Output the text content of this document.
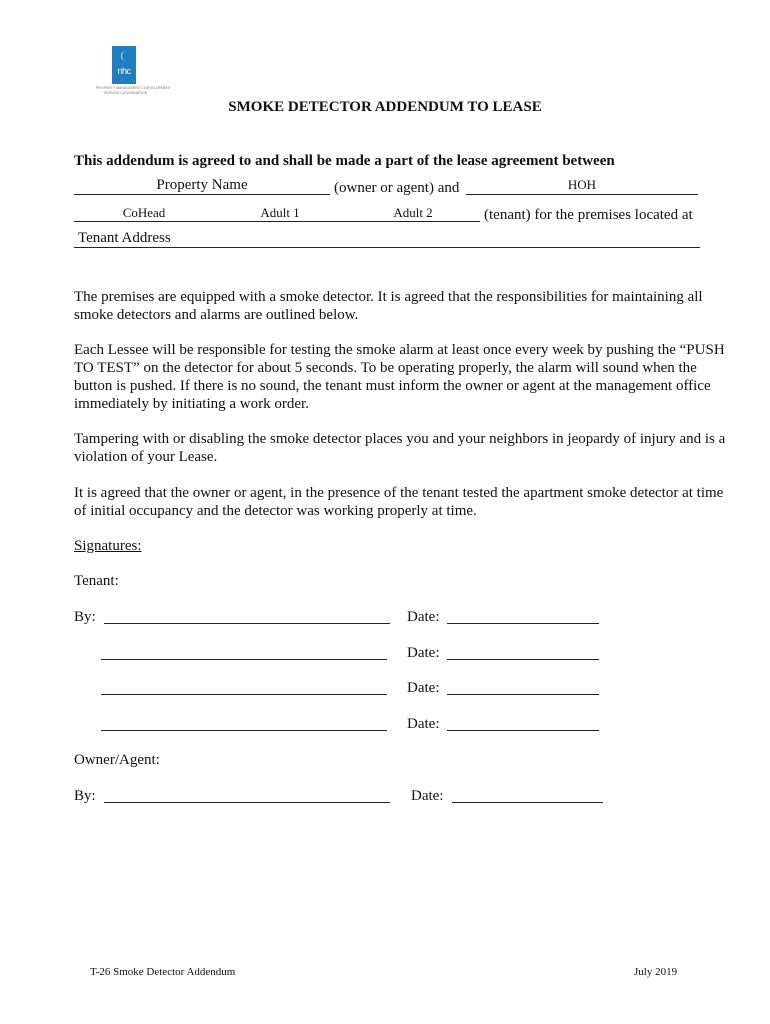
nhc
PROPERTY MANAGEMENT • DEVELOPMENT
SERVICE COORDINATION
SMOKE DETECTOR ADDENDUM TO LEASE
This addendum is agreed to and shall be made a part of the lease agreement between
Property Name	(owner or agent) and	HOH
CoHead	Adult 1	Adult 2	(tenant) for the premises located at
Tenant Address
The premises are equipped with a smoke detector. It is agreed that the responsibilities for maintaining all smoke detectors and alarms are outlined below.
Each Lessee will be responsible for testing the smoke alarm at least once every week by pushing the “PUSH TO TEST” on the detector for about 5 seconds. To be operating properly, the alarm will sound when the button is pushed. If there is no sound, the tenant must inform the owner or agent at the management office immediately by initiating a work order.
Tampering with or disabling the smoke detector places you and your neighbors in jeopardy of injury and is a violation of your Lease.
It is agreed that the owner or agent, in the presence of the tenant tested the apartment smoke detector at time of initial occupancy and the detector was working properly at time.
Signatures:
Tenant:
By:	Date:
Date:
Date:
Date:
Owner/Agent:
By:	Date:
T-26 Smoke Detector Addendum	July 2019
